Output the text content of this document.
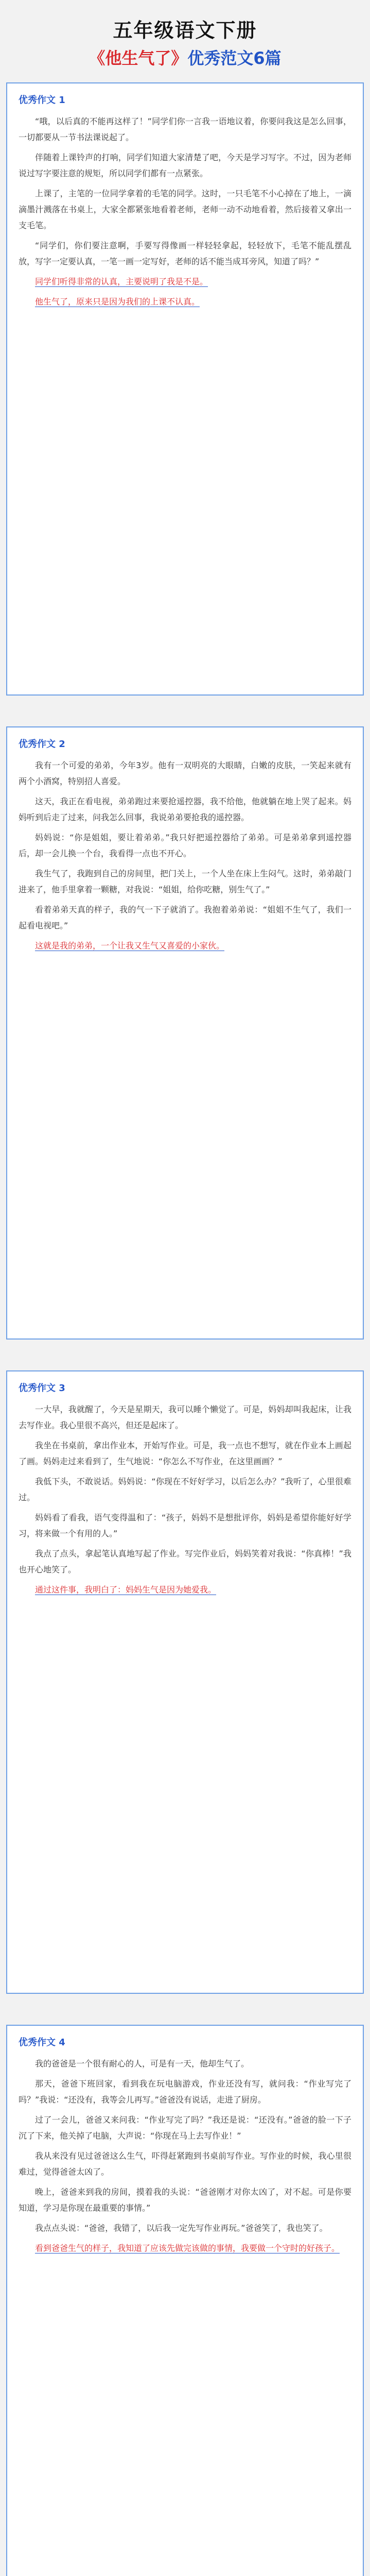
五年级语文下册
《他生气了》优秀范文6篇
优秀作文 1

“哦，以后真的不能再这样了！”同学们你一言我一语地议着，你要问我这是怎么回事，一切都要从一节书法课说起了。

伴随着上课铃声的打响，同学们知道大家清楚了吧，今天是学习写字。不过，因为老师说过写字要注意的规矩，所以同学们都有一点紧张。

上课了，主笔的一位同学拿着的毛笔的同学。这时，一只毛笔不小心掉在了地上，一滴滴墨汁溅落在书桌上，大家全都紧张地看着老师，老师一动不动地看着，然后接着又拿出一支毛笔。

“同学们，你们要注意啊，手要写得像画一样轻轻拿起，轻轻放下，毛笔不能乱摆乱放，写字一定要认真，一笔一画一定写好，老师的话不能当成耳旁风，知道了吗？”

同学们听得非常的认真，主要说明了我是不是。

他生气了，原来只是因为我们的上课不认真。

优秀作文 2

我有一个可爱的弟弟，今年3岁。他有一双明亮的大眼睛，白嫩的皮肤，一笑起来就有两个小酒窝，特别招人喜爱。

这天，我正在看电视，弟弟跑过来要抢遥控器，我不给他，他就躺在地上哭了起来。妈妈听到后走了过来，问我怎么回事，我说弟弟要抢我的遥控器。

妈妈说：“你是姐姐，要让着弟弟。”我只好把遥控器给了弟弟。可是弟弟拿到遥控器后，却一会儿换一个台，我看得一点也不开心。

我生气了，我跑到自己的房间里，把门关上，一个人坐在床上生闷气。这时，弟弟敲门进来了，他手里拿着一颗糖，对我说：“姐姐，给你吃糖，别生气了。”

看着弟弟天真的样子，我的气一下子就消了。我抱着弟弟说：“姐姐不生气了，我们一起看电视吧。”

这就是我的弟弟，一个让我又生气又喜爱的小家伙。

优秀作文 3

一大早，我就醒了，今天是星期天，我可以睡个懒觉了。可是，妈妈却叫我起床，让我去写作业。我心里很不高兴，但还是起床了。

我坐在书桌前，拿出作业本，开始写作业。可是，我一点也不想写，就在作业本上画起了画。妈妈走过来看到了，生气地说：“你怎么不写作业，在这里画画？”

我低下头，不敢说话。妈妈说：“你现在不好好学习，以后怎么办？”我听了，心里很难过。

妈妈看了看我，语气变得温和了：“孩子，妈妈不是想批评你，妈妈是希望你能好好学习，将来做一个有用的人。”

我点了点头，拿起笔认真地写起了作业。写完作业后，妈妈笑着对我说：“你真棒！”我也开心地笑了。

通过这件事，我明白了：妈妈生气是因为她爱我。

优秀作文 4

我的爸爸是一个很有耐心的人，可是有一天，他却生气了。

那天，爸爸下班回家，看到我在玩电脑游戏，作业还没有写，就问我：“作业写完了吗？”我说：“还没有，我等会儿再写。”爸爸没有说话，走进了厨房。

过了一会儿，爸爸又来问我：“作业写完了吗？”我还是说：“还没有。”爸爸的脸一下子沉了下来，他关掉了电脑，大声说：“你现在马上去写作业！”

我从来没有见过爸爸这么生气，吓得赶紧跑到书桌前写作业。写作业的时候，我心里很难过，觉得爸爸太凶了。

晚上，爸爸来到我的房间，摸着我的头说：“爸爸刚才对你太凶了，对不起。可是你要知道，学习是你现在最重要的事情。”

我点点头说：“爸爸，我错了，以后我一定先写作业再玩。”爸爸笑了，我也笑了。

看到爸爸生气的样子，我知道了应该先做完该做的事情，我要做一个守时的好孩子。
